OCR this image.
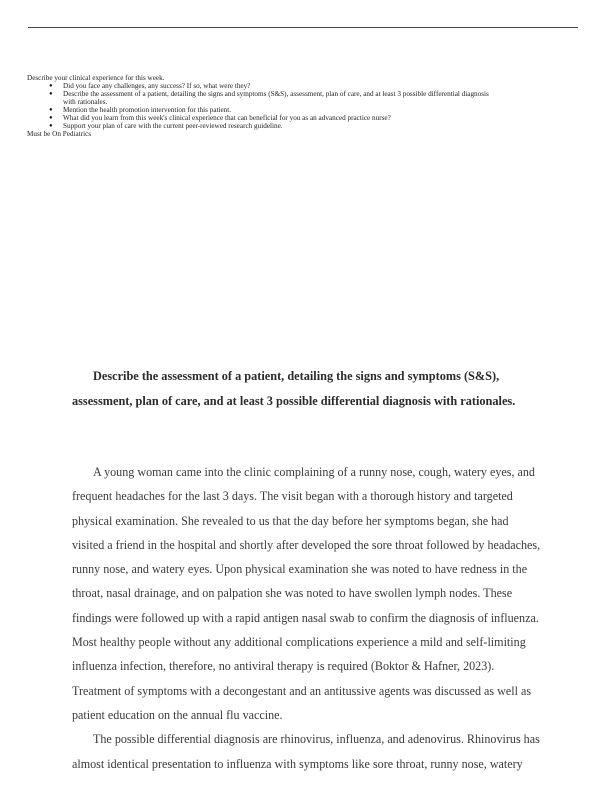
Describe your clinical experience for this week.
● Did you face any challenges, any success? If so, what were they?
● Describe the assessment of a patient, detailing the signs and symptoms (S&S), assessment, plan of care, and at least 3 possible differential diagnosis
with rationales.
● Mention the health promotion intervention for this patient.
● What did you learn from this week's clinical experience that can beneficial for you as an advanced practice nurse?
● Support your plan of care with the current peer-reviewed research guideline.
Must be On Pediatrics
Describe the assessment of a patient, detailing the signs and symptoms (S&S),
assessment, plan of care, and at least 3 possible differential diagnosis with rationales.
A young woman came into the clinic complaining of a runny nose, cough, watery eyes, and
frequent headaches for the last 3 days. The visit began with a thorough history and targeted
physical examination. She revealed to us that the day before her symptoms began, she had
visited a friend in the hospital and shortly after developed the sore throat followed by headaches,
runny nose, and watery eyes. Upon physical examination she was noted to have redness in the
throat, nasal drainage, and on palpation she was noted to have swollen lymph nodes. These
findings were followed up with a rapid antigen nasal swab to confirm the diagnosis of influenza.
Most healthy people without any additional complications experience a mild and self-limiting
influenza infection, therefore, no antiviral therapy is required (Boktor & Hafner, 2023).
Treatment of symptoms with a decongestant and an antitussive agents was discussed as well as
patient education on the annual flu vaccine.
The possible differential diagnosis are rhinovirus, influenza, and adenovirus. Rhinovirus has
almost identical presentation to influenza with symptoms like sore throat, runny nose, watery
